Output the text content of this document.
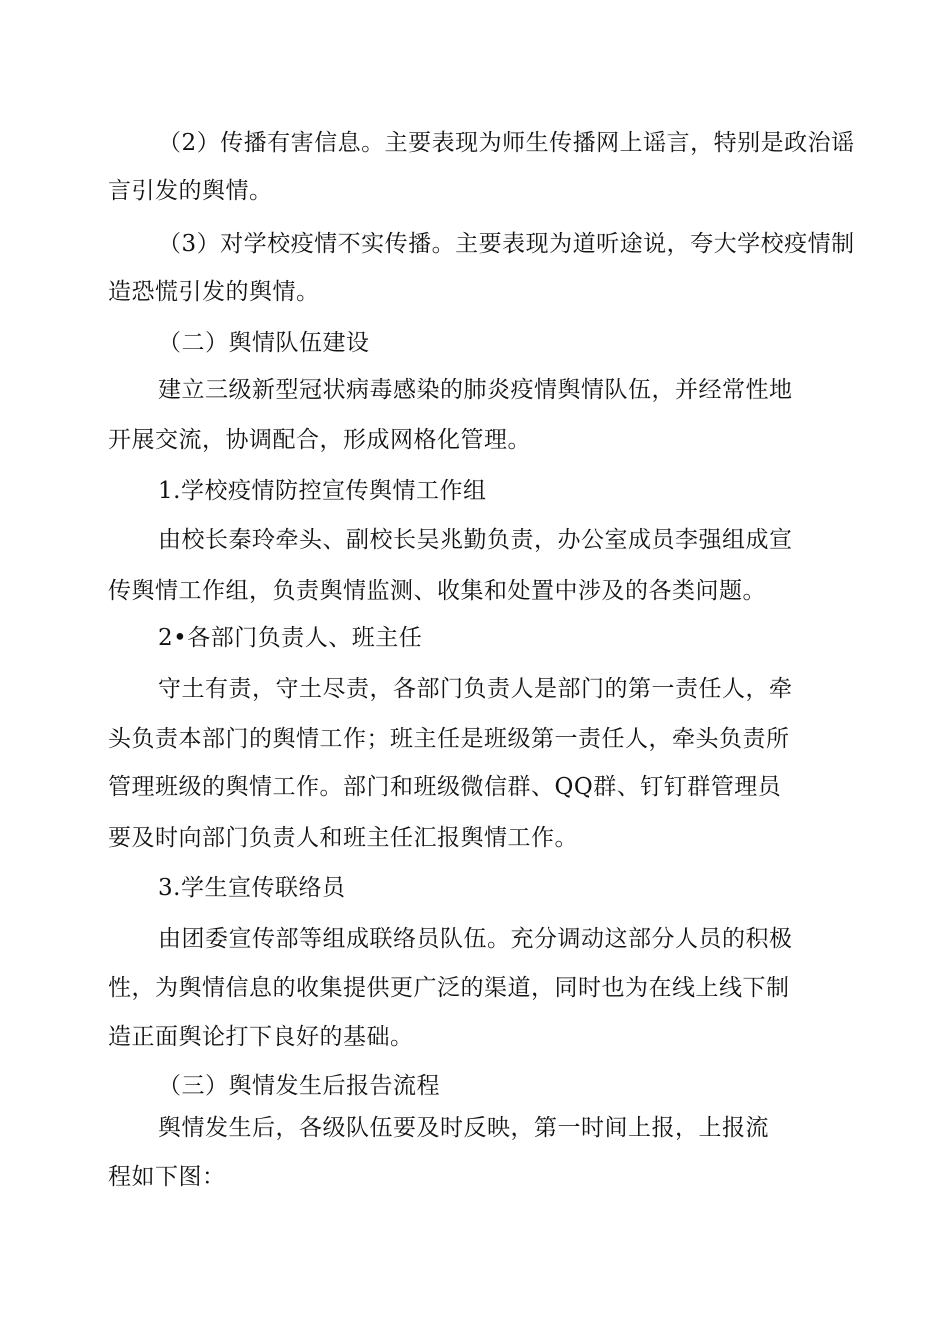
（2）传播有害信息。主要表现为师生传播网上谣言，特别是政治谣
言引发的舆情。
（3）对学校疫情不实传播。主要表现为道听途说，夸大学校疫情制
造恐慌引发的舆情。
（二）舆情队伍建设
建立三级新型冠状病毒感染的肺炎疫情舆情队伍，并经常性地
开展交流，协调配合，形成网格化管理。
1.学校疫情防控宣传舆情工作组
由校长秦玲牵头、副校长吴兆勤负责，办公室成员李强组成宣
传舆情工作组，负责舆情监测、收集和处置中涉及的各类问题。
2•各部门负责人、班主任
守土有责，守土尽责，各部门负责人是部门的第一责任人，牵
头负责本部门的舆情工作；班主任是班级第一责任人，牵头负责所
管理班级的舆情工作。部门和班级微信群、QQ群、钉钉群管理员
要及时向部门负责人和班主任汇报舆情工作。
3.学生宣传联络员
由团委宣传部等组成联络员队伍。充分调动这部分人员的积极
性，为舆情信息的收集提供更广泛的渠道，同时也为在线上线下制
造正面舆论打下良好的基础。
（三）舆情发生后报告流程
舆情发生后，各级队伍要及时反映，第一时间上报，上报流
程如下图：
